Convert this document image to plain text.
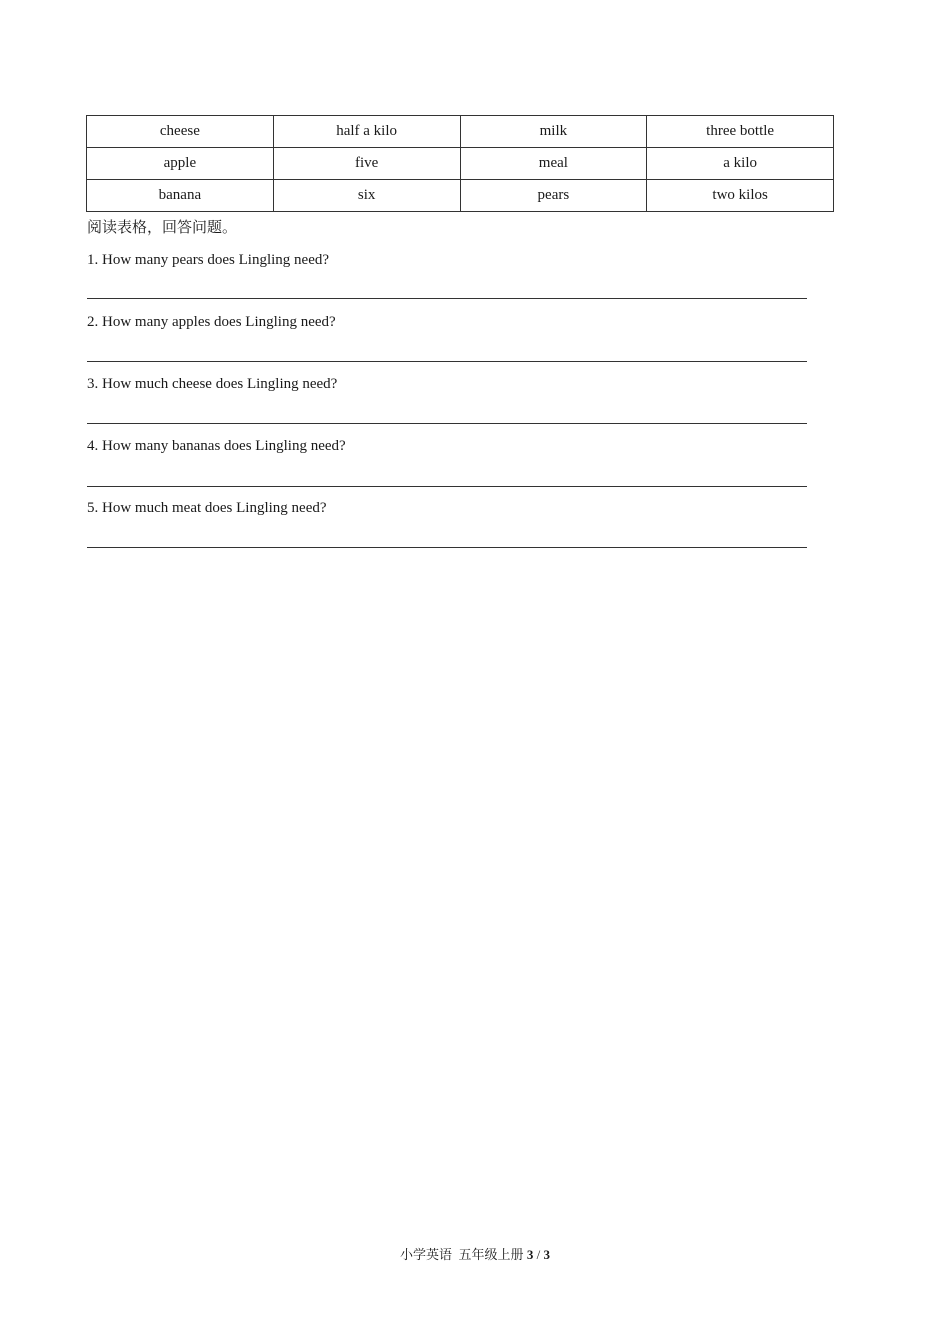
cheese	half a kilo	milk	three bottle
apple	five	meal	a kilo
banana	six	pears	two kilos
阅读表格，回答问题。
1. How many pears does Lingling need?
2. How many apples does Lingling need?
3. How much cheese does Lingling need?
4. How many bananas does Lingling need?
5. How much meat does Lingling need?
小学英语  五年级上册 3 / 3
